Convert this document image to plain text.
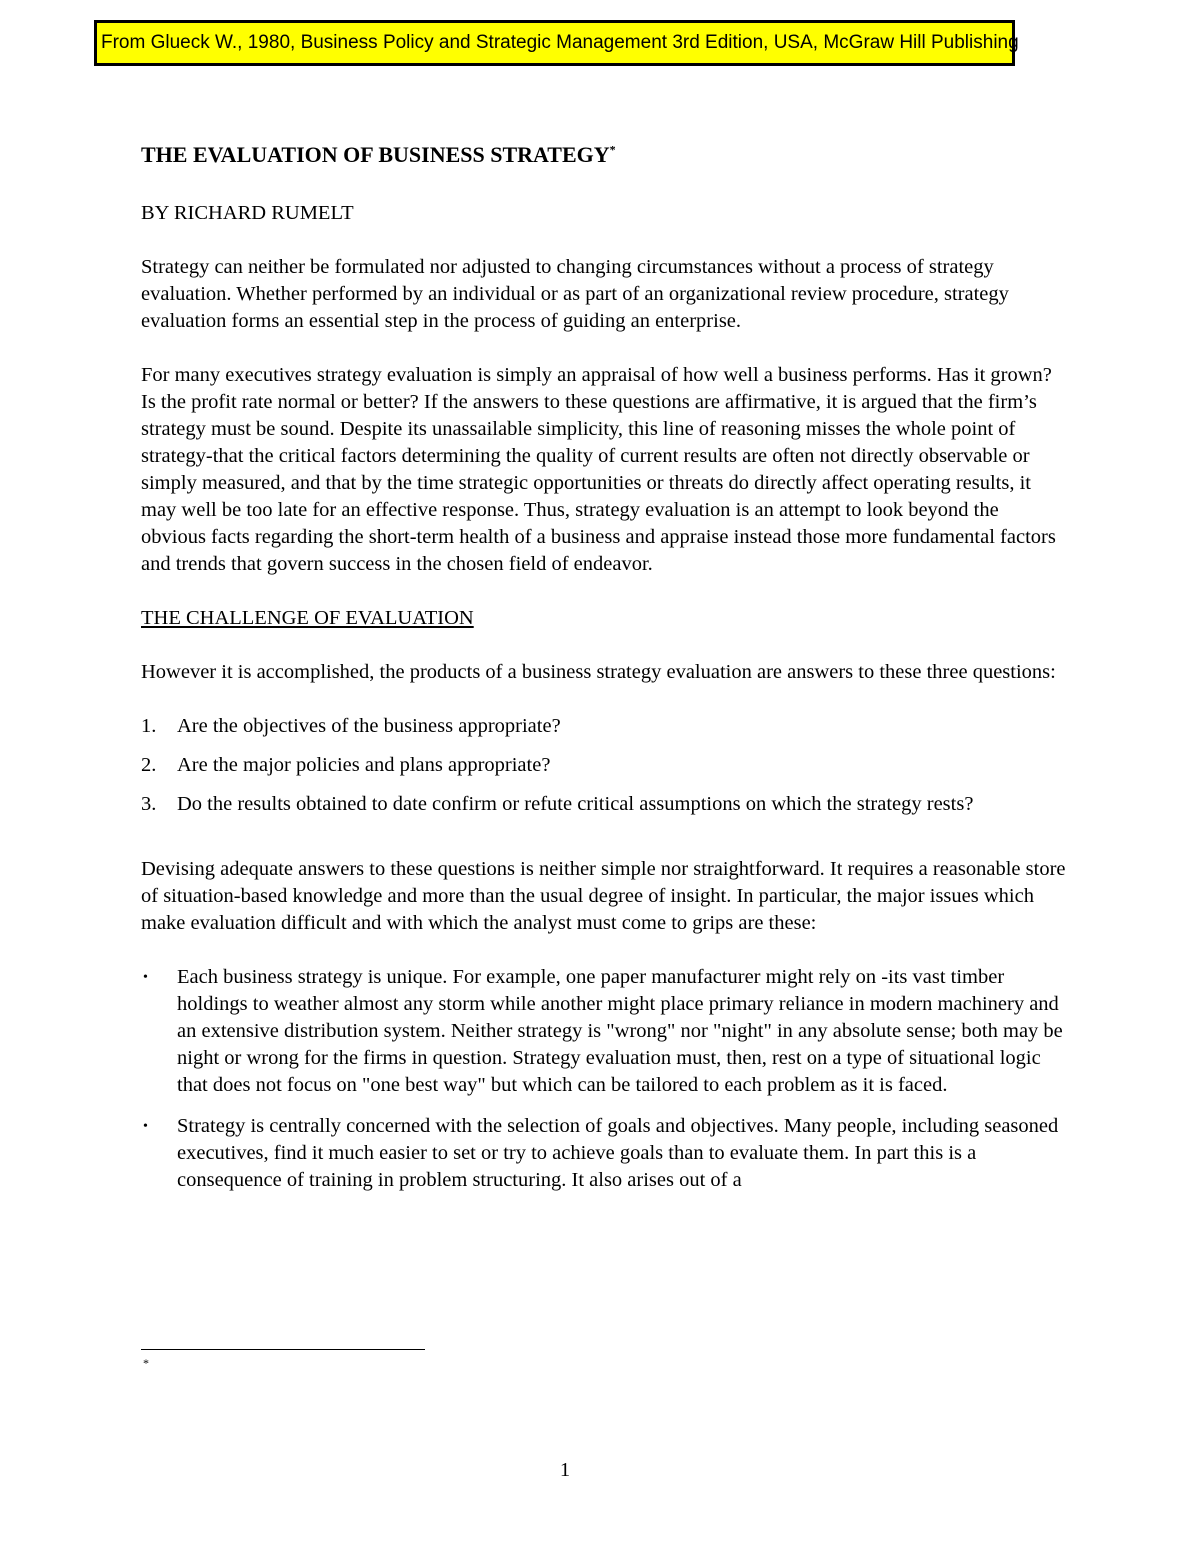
From Glueck W., 1980, Business Policy and Strategic Management 3rd Edition, USA, McGraw Hill Publishing
THE EVALUATION OF BUSINESS STRATEGY*
BY RICHARD RUMELT

Strategy can neither be formulated nor adjusted to changing circumstances without a process of strategy evaluation. Whether performed by an individual or as part of an organizational review procedure, strategy evaluation forms an essential step in the process of guiding an enterprise.

For many executives strategy evaluation is simply an appraisal of how well a business performs. Has it grown? Is the profit rate normal or better? If the answers to these questions are affirmative, it is argued that the firm’s strategy must be sound. Despite its unassailable simplicity, this line of reasoning misses the whole point of strategy-that the critical factors determining the quality of current results are often not directly observable or simply measured, and that by the time strategic opportunities or threats do directly affect operating results, it may well be too late for an effective response. Thus, strategy evaluation is an attempt to look beyond the obvious facts regarding the short-term health of a business and appraise instead those more fundamental factors and trends that govern success in the chosen field of endeavor.

THE CHALLENGE OF EVALUATION

However it is accomplished, the products of a business strategy evaluation are answers to these three questions:

1. Are the objectives of the business appropriate?
2. Are the major policies and plans appropriate?
3. Do the results obtained to date confirm or refute critical assumptions on which the strategy rests?

Devising adequate answers to these questions is neither simple nor straightforward. It requires a reasonable store of situation-based knowledge and more than the usual degree of insight. In particular, the major issues which make evaluation difficult and with which the analyst must come to grips are these:

• Each business strategy is unique. For example, one paper manufacturer might rely on -its vast timber holdings to weather almost any storm while another might place primary reliance in modern machinery and an extensive distribution system. Neither strategy is "wrong" nor "night" in any absolute sense; both may be night or wrong for the firms in question. Strategy evaluation must, then, rest on a type of situational logic that does not focus on "one best way" but which can be tailored to each problem as it is faced.
• Strategy is centrally concerned with the selection of goals and objectives. Many people, including seasoned executives, find it much easier to set or try to achieve goals than to evaluate them. In part this is a consequence of training in problem structuring. It also arises out of a
*
1
